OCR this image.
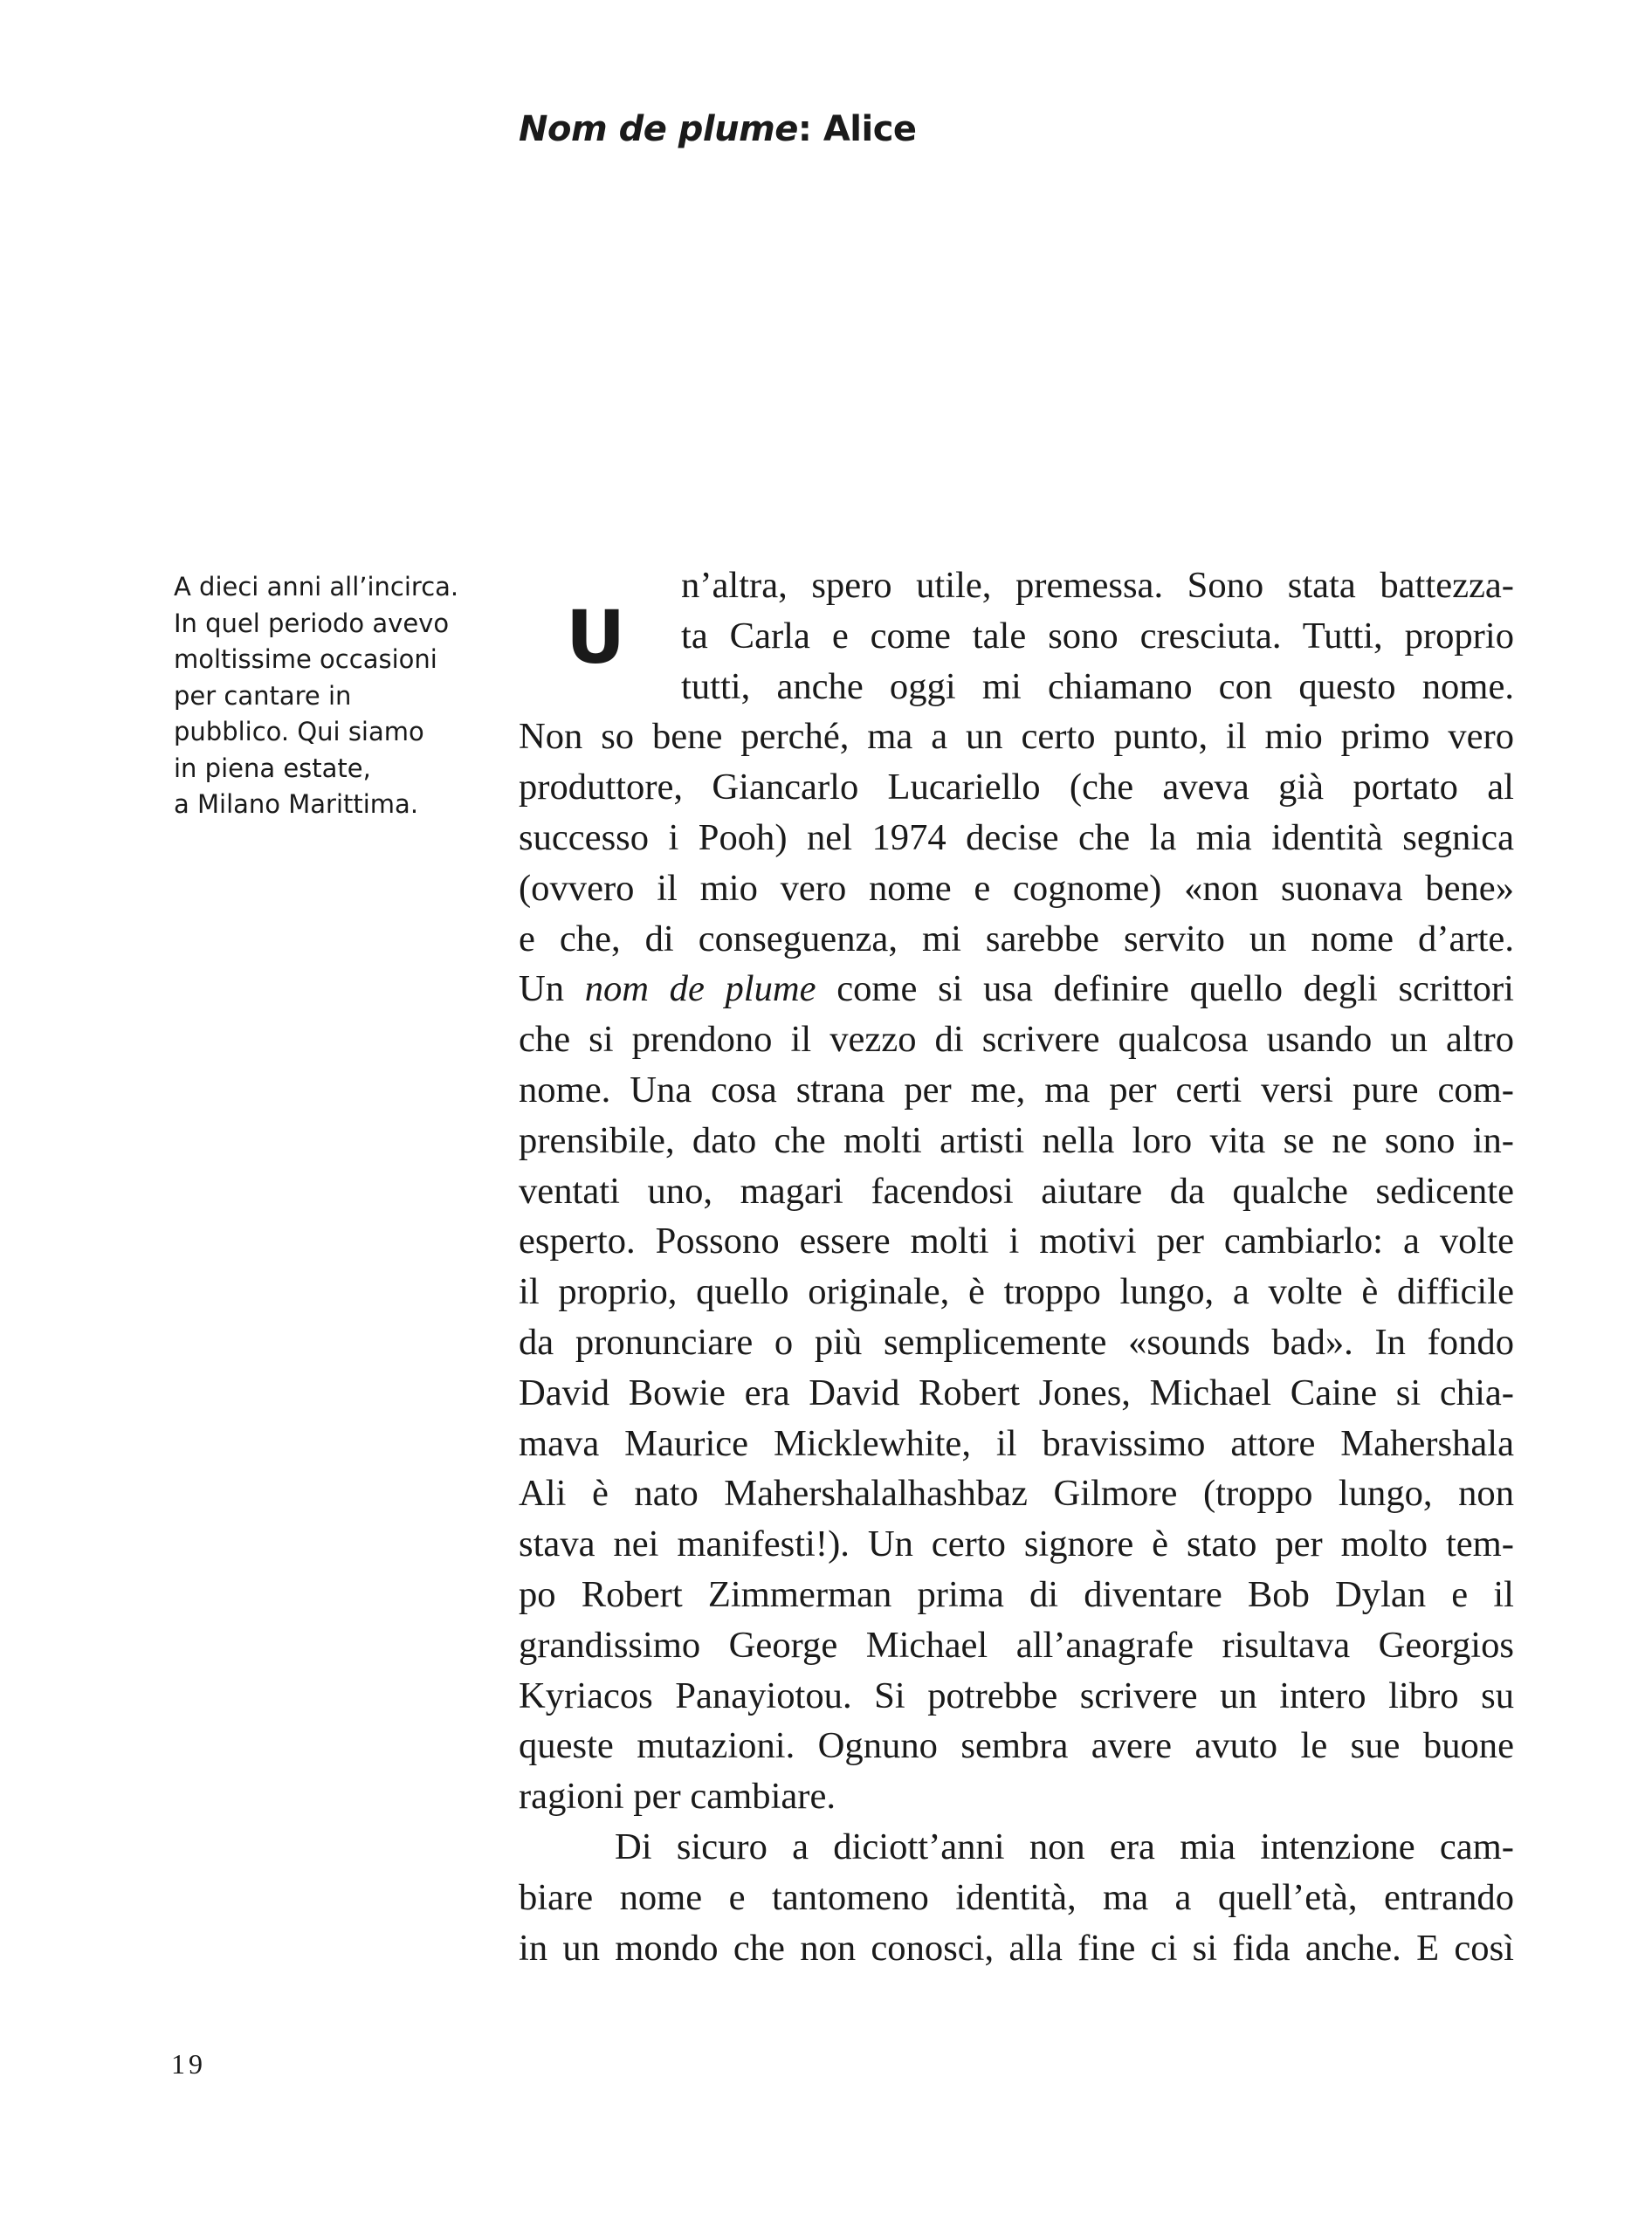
Nom de plume: Alice
A dieci anni all’incirca.
In quel periodo avevo
moltissime occasioni
per cantare in
pubblico. Qui siamo
in piena estate,
a Milano Marittima.
U
n’altra, spero utile, premessa. Sono stata battezza-
ta Carla e come tale sono cresciuta. Tutti, proprio
tutti, anche oggi mi chiamano con questo nome.
Non so bene perché, ma a un certo punto, il mio primo vero
produttore, Giancarlo Lucariello (che aveva già portato al
successo i Pooh) nel 1974 decise che la mia identità segnica
(ovvero il mio vero nome e cognome) «non suonava bene»
e che, di conseguenza, mi sarebbe servito un nome d’arte.
Un nom de plume come si usa definire quello degli scrittori
che si prendono il vezzo di scrivere qualcosa usando un altro
nome. Una cosa strana per me, ma per certi versi pure com-
prensibile, dato che molti artisti nella loro vita se ne sono in-
ventati uno, magari facendosi aiutare da qualche sedicente
esperto. Possono essere molti i motivi per cambiarlo: a volte
il proprio, quello originale, è troppo lungo, a volte è difficile
da pronunciare o più semplicemente «sounds bad». In fondo
David Bowie era David Robert Jones, Michael Caine si chia-
mava Maurice Micklewhite, il bravissimo attore Mahershala
Ali è nato Mahershalalhashbaz Gilmore (troppo lungo, non
stava nei manifesti!). Un certo signore è stato per molto tem-
po Robert Zimmerman prima di diventare Bob Dylan e il
grandissimo George Michael all’anagrafe risultava Georgios
Kyriacos Panayiotou. Si potrebbe scrivere un intero libro su
queste mutazioni. Ognuno sembra avere avuto le sue buone
ragioni per cambiare.
Di sicuro a diciott’anni non era mia intenzione cam-
biare nome e tantomeno identità, ma a quell’età, entrando
in un mondo che non conosci, alla fine ci si fida anche. E così
19
